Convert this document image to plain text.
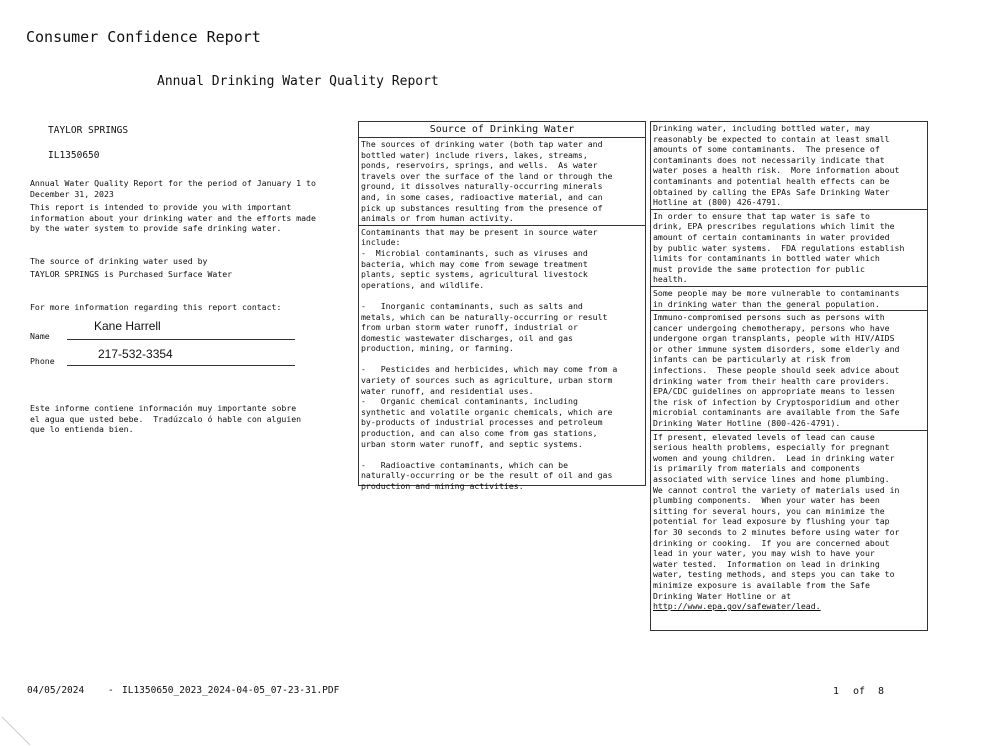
Consumer Confidence Report
Annual Drinking Water Quality Report
TAYLOR SPRINGS
IL1350650
Annual Water Quality Report for the period of January 1 to
December 31, 2023
This report is intended to provide you with important
information about your drinking water and the efforts made
by the water system to provide safe drinking water.
The source of drinking water used by
TAYLOR SPRINGS is Purchased Surface Water
For more information regarding this report contact:
Name
Kane Harrell
Phone	217-532-3354
Este informe contiene información muy importante sobre
el agua que usted bebe.  Tradúzcalo ó hable con alguien
que lo entienda bien.
Source of Drinking Water
The sources of drinking water (both tap water and
bottled water) include rivers, lakes, streams,
ponds, reservoirs, springs, and wells.  As water
travels over the surface of the land or through the
ground, it dissolves naturally-occurring minerals
and, in some cases, radioactive material, and can
pick up substances resulting from the presence of
animals or from human activity.
Contaminants that may be present in source water
include:
-  Microbial contaminants, such as viruses and
bacteria, which may come from sewage treatment
plants, septic systems, agricultural livestock
operations, and wildlife.

-   Inorganic contaminants, such as salts and
metals, which can be naturally-occurring or result
from urban storm water runoff, industrial or
domestic wastewater discharges, oil and gas
production, mining, or farming.

-   Pesticides and herbicides, which may come from a
variety of sources such as agriculture, urban storm
water runoff, and residential uses.
-   Organic chemical contaminants, including
synthetic and volatile organic chemicals, which are
by-products of industrial processes and petroleum
production, and can also come from gas stations,
urban storm water runoff, and septic systems.

-   Radioactive contaminants, which can be
naturally-occurring or be the result of oil and gas
production and mining activities.
Drinking water, including bottled water, may
reasonably be expected to contain at least small
amounts of some contaminants.  The presence of
contaminants does not necessarily indicate that
water poses a health risk.  More information about
contaminants and potential health effects can be
obtained by calling the EPAs Safe Drinking Water
Hotline at (800) 426-4791.
In order to ensure that tap water is safe to
drink, EPA prescribes regulations which limit the
amount of certain contaminants in water provided
by public water systems.  FDA regulations establish
limits for contaminants in bottled water which
must provide the same protection for public
health.
Some people may be more vulnerable to contaminants
in drinking water than the general population.
Immuno-compromised persons such as persons with
cancer undergoing chemotherapy, persons who have
undergone organ transplants, people with HIV/AIDS
or other immune system disorders, some elderly and
infants can be particularly at risk from
infections.  These people should seek advice about
drinking water from their health care providers.
EPA/CDC guidelines on appropriate means to lessen
the risk of infection by Cryptosporidium and other
microbial contaminants are available from the Safe
Drinking Water Hotline (800-426-4791).
If present, elevated levels of lead can cause
serious health problems, especially for pregnant
women and young children.  Lead in drinking water
is primarily from materials and components
associated with service lines and home plumbing.
We cannot control the variety of materials used in
plumbing components.  When your water has been
sitting for several hours, you can minimize the
potential for lead exposure by flushing your tap
for 30 seconds to 2 minutes before using water for
drinking or cooking.  If you are concerned about
lead in your water, you may wish to have your
water tested.  Information on lead in drinking
water, testing methods, and steps you can take to
minimize exposure is available from the Safe
Drinking Water Hotline or at
http://www.epa.gov/safewater/lead.
04/05/2024	- IL1350650_2023_2024-04-05_07-23-31.PDF	1 of 8
